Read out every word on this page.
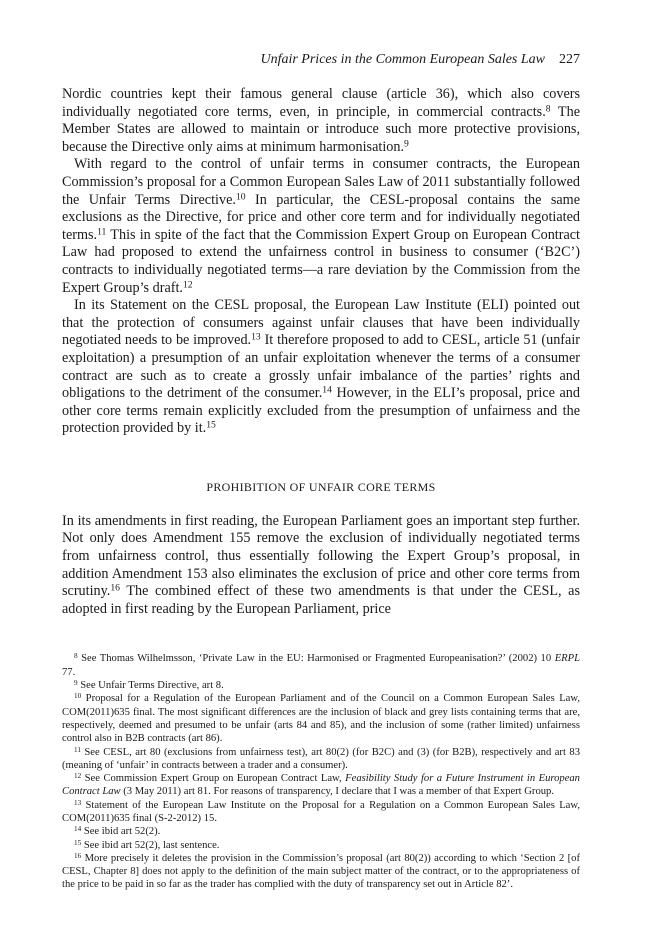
Unfair Prices in the Common European Sales Law 227

Nordic countries kept their famous general clause (article 36), which also covers individually negotiated core terms, even, in principle, in commercial contracts.$^8$ The Member States are allowed to maintain or introduce such more protective provisions, because the Directive only aims at minimum harmonisation.$^9$

With regard to the control of unfair terms in consumer contracts, the European Commission’s proposal for a Common European Sales Law of 2011 substantially followed the Unfair Terms Directive.$^{10}$ In particular, the CESL-proposal contains the same exclusions as the Directive, for price and other core term and for individually negotiated terms.$^{11}$ This in spite of the fact that the Commission Expert Group on European Contract Law had proposed to extend the unfairness control in business to consumer (‘B2C’) contracts to individually negotiated terms—a rare deviation by the Commission from the Expert Group’s draft.$^{12}$

In its Statement on the CESL proposal, the European Law Institute (ELI) pointed out that the protection of consumers against unfair clauses that have been individually negotiated needs to be improved.$^{13}$ It therefore proposed to add to CESL, article 51 (unfair exploitation) a presumption of an unfair exploitation whenever the terms of a consumer contract are such as to create a grossly unfair imbalance of the parties’ rights and obligations to the detriment of the consumer.$^{14}$ However, in the ELI’s proposal, price and other core terms remain explicitly excluded from the presumption of unfairness and the protection provided by it.$^{15}$

PROHIBITION OF UNFAIR CORE TERMS

In its amendments in first reading, the European Parliament goes an important step further. Not only does Amendment 155 remove the exclusion of individually negotiated terms from unfairness control, thus essentially following the Expert Group’s proposal, in addition Amendment 153 also eliminates the exclusion of price and other core terms from scrutiny.$^{16}$ The combined effect of these two amendments is that under the CESL, as adopted in first reading by the European Parliament, price

$^8$ See Thomas Wilhelmsson, ‘Private Law in the EU: Harmonised or Fragmented Europeanisation?’ (2002) 10 ERPL 77.

$^9$ See Unfair Terms Directive, art 8.

$^{10}$ Proposal for a Regulation of the European Parliament and of the Council on a Common European Sales Law, COM(2011)635 final. The most significant differences are the inclusion of black and grey lists containing terms that are, respectively, deemed and presumed to be unfair (arts 84 and 85), and the inclusion of some (rather limited) unfairness control also in B2B contracts (art 86).

$^{11}$ See CESL, art 80 (exclusions from unfairness test), art 80(2) (for B2C) and (3) (for B2B), respectively and art 83 (meaning of ‘unfair’ in contracts between a trader and a consumer).

$^{12}$ See Commission Expert Group on European Contract Law, Feasibility Study for a Future Instrument in European Contract Law (3 May 2011) art 81. For reasons of transparency, I declare that I was a member of that Expert Group.

$^{13}$ Statement of the European Law Institute on the Proposal for a Regulation on a Common European Sales Law, COM(2011)635 final (S-2-2012) 15.

$^{14}$ See ibid art 52(2).

$^{15}$ See ibid art 52(2), last sentence.

$^{16}$ More precisely it deletes the provision in the Commission’s proposal (art 80(2)) according to which ‘Section 2 [of CESL, Chapter 8] does not apply to the definition of the main subject matter of the contract, or to the appropriateness of the price to be paid in so far as the trader has complied with the duty of transparency set out in Article 82’.
